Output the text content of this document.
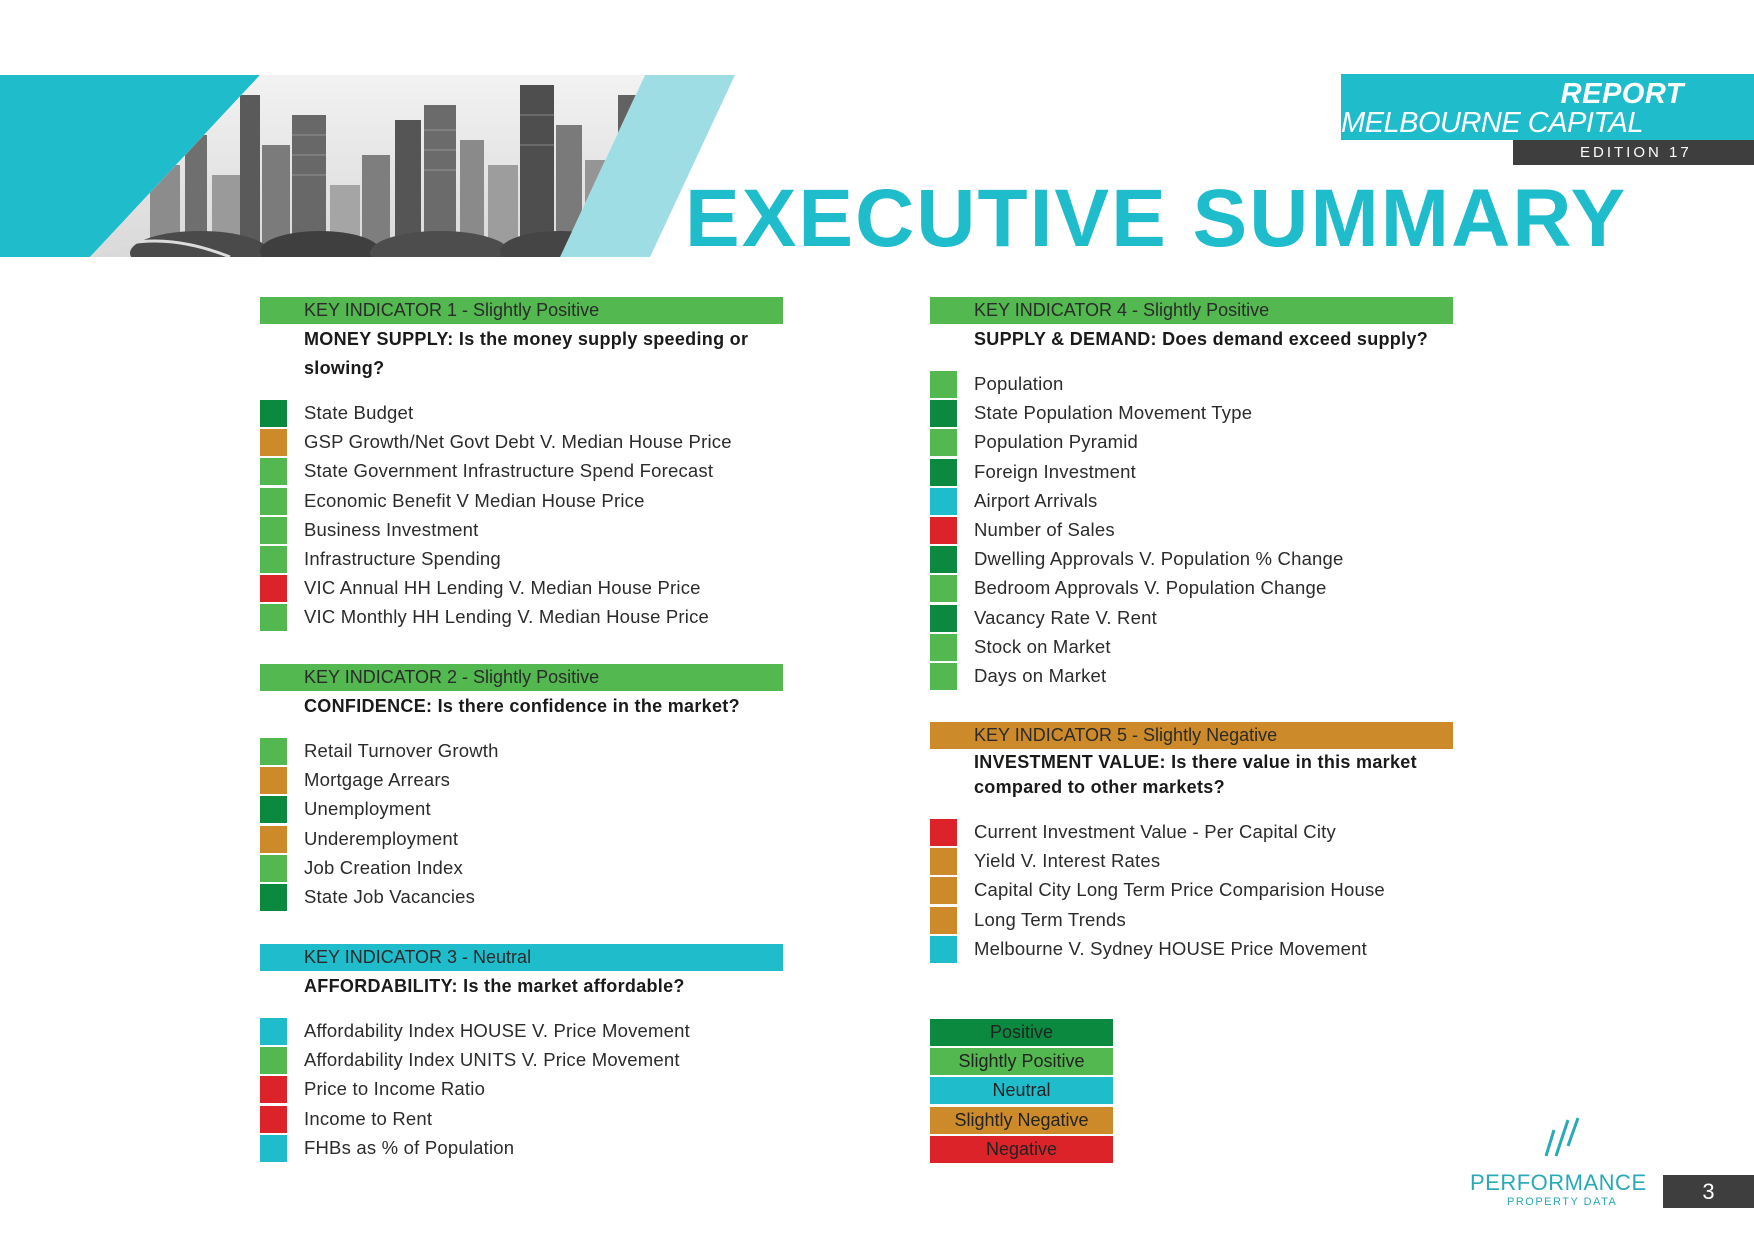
REPORT
MELBOURNE CAPITAL CITY	EDITION 17
EXECUTIVE SUMMARY
KEY INDICATOR 1 - Slightly Positive
MONEY SUPPLY: Is the money supply speeding or slowing?
State Budget
GSP Growth/Net Govt Debt V. Median House Price
State Government Infrastructure Spend Forecast
Economic Benefit V Median House Price
Business Investment
Infrastructure Spending
VIC Annual HH Lending V. Median House Price
VIC Monthly HH Lending V. Median House Price
KEY INDICATOR 2 - Slightly Positive
CONFIDENCE: Is there confidence in the market?
Retail Turnover Growth
Mortgage Arrears
Unemployment
Underemployment
Job Creation Index
State Job Vacancies
KEY INDICATOR 3 - Neutral
AFFORDABILITY: Is the market affordable?
Affordability Index HOUSE V. Price Movement
Affordability Index UNITS V. Price Movement
Price to Income Ratio
Income to Rent
FHBs as % of Population
KEY INDICATOR 4 - Slightly Positive
SUPPLY & DEMAND: Does demand exceed supply?
Population
State Population Movement Type
Population Pyramid
Foreign Investment
Airport Arrivals
Number of Sales
Dwelling Approvals V. Population % Change
Bedroom Approvals V. Population Change
Vacancy Rate V. Rent
Stock on Market
Days on Market
KEY INDICATOR 5 - Slightly Negative
INVESTMENT VALUE: Is there value in this market compared to other markets?
Current Investment Value - Per Capital City
Yield V. Interest Rates
Capital City Long Term Price Comparision House
Long Term Trends
Melbourne V. Sydney HOUSE Price Movement
Positive
Slightly Positive
Neutral
Slightly Negative
Negative
PERFORMANCE
PROPERTY DATA	3
